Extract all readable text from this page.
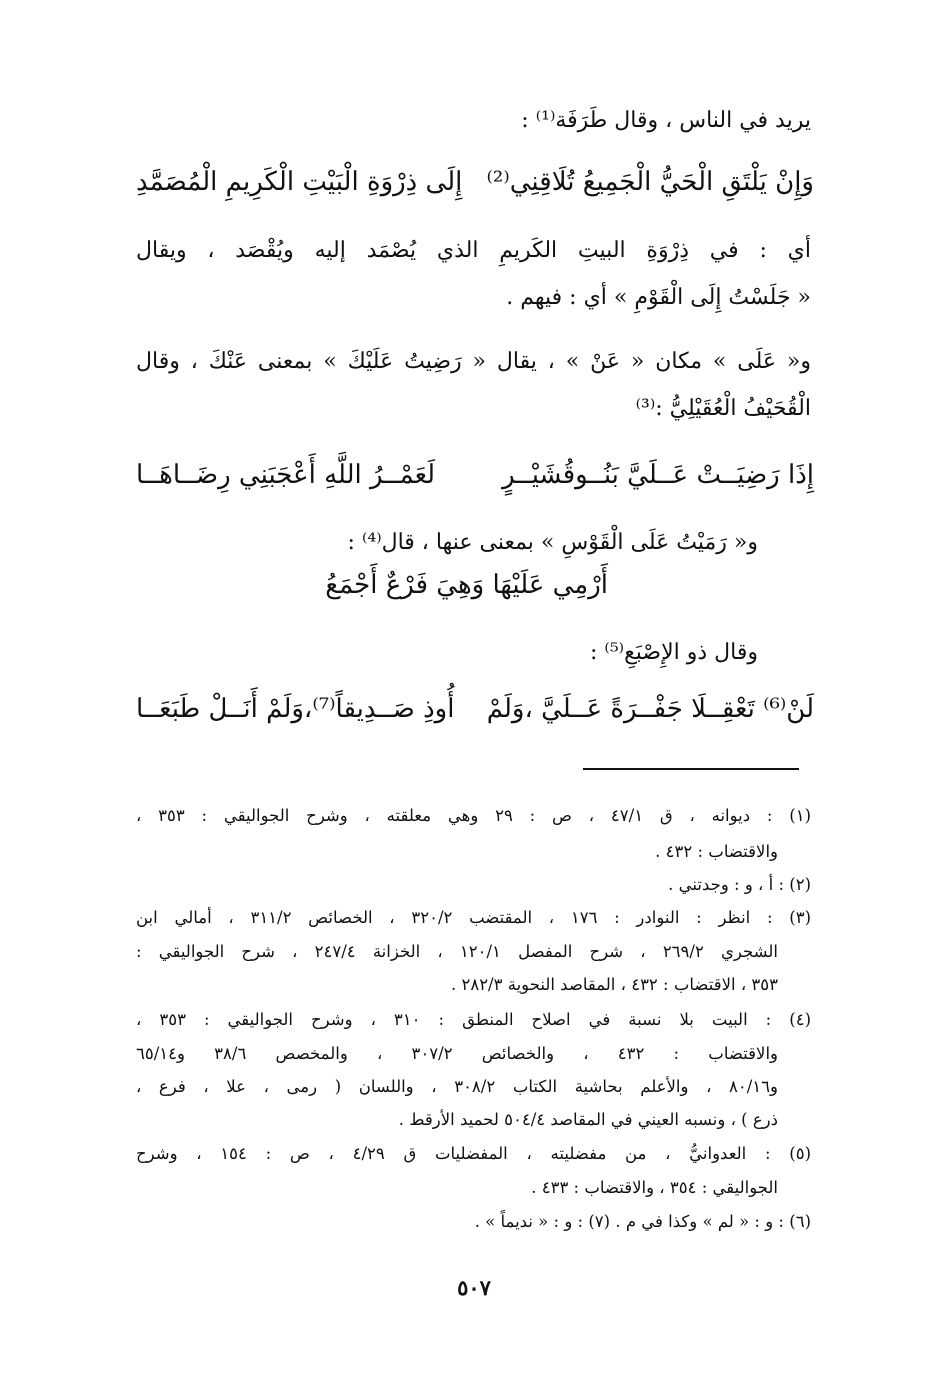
يريد في الناس ، وقال طَرَفَة⁽¹⁾ :
وَإِنْ يَلْتَقِ الْحَيُّ الْجَمِيعُ تُلَاقِنِي⁽²⁾
إِلَى ذِرْوَةِ الْبَيْتِ الْكَرِيمِ الْمُصَمَّدِ
أي : في ذِرْوَةِ البيتِ الكَريمِ الذي يُصْمَد إليه ويُقْصَد ، ويقال
« جَلَسْتُ إِلَى الْقَوْمِ » أي : فيهم .
و« عَلَى » مكان « عَنْ » ، يقال « رَضِيتُ عَلَيْكَ » بمعنى عَنْكَ ، وقال
الْقُحَيْفُ الْعُقَيْلِيُّ :⁽³⁾
إِذَا رَضِيَــتْ عَــلَيَّ بَنُــوقُشَيْــرٍ
لَعَمْــرُ اللَّهِ أَعْجَبَنِي رِضَــاهَــا
و« رَمَيْتُ عَلَى الْقَوْسِ » بمعنى عنها ، قال⁽⁴⁾ :
أَرْمِي عَلَيْهَا وَهِيَ فَرْعٌ أَجْمَعُ
وقال ذو الإِصْبَعِ⁽⁵⁾ :
لَنْ⁽⁶⁾ تَعْقِــلَا جَفْــرَةً عَــلَيَّ ،وَلَمْ
أُوذِ صَــدِيقاً⁽⁷⁾،وَلَمْ أَنَــلْ طَبَعَــا
(١) : ديوانه ، ق ٤٧/١ ، ص : ٢٩ وهي معلقته ، وشرح الجواليقي : ٣٥٣ ،
والاقتضاب : ٤٣٢ .
(٢) : أ ، و : وجدتني .
(٣) : انظر : النوادر : ١٧٦ ، المقتضب ٣٢٠/٢ ، الخصائص ٣١١/٢ ، أمالي ابن
الشجري ٢٦٩/٢ ، شرح المفصل ١٢٠/١ ، الخزانة ٢٤٧/٤ ، شرح الجواليقي :
٣٥٣ ، الاقتضاب : ٤٣٢ ، المقاصد النحوية ٢٨٢/٣ .
(٤) : البيت بلا نسبة في اصلاح المنطق : ٣١٠ ، وشرح الجواليقي : ٣٥٣ ،
والاقتضاب : ٤٣٢ ، والخصائص ٣٠٧/٢ ، والمخصص ٣٨/٦ و٦٥/١٤
و٨٠/١٦ ، والأعلم بحاشية الكتاب ٣٠٨/٢ ، واللسان ( رمى ، علا ، فرع ،
ذرع ) ، ونسبه العيني في المقاصد ٥٠٤/٤ لحميد الأرقط .
(٥) : العدوانيُّ ، من مفضليته ، المفضليات ق ٤/٢٩ ، ص : ١٥٤ ، وشرح
الجواليقي : ٣٥٤ ، والاقتضاب : ٤٣٣ .
(٦) : و : « لم » وكذا في م . (٧) : و : « نديماً » .
٥٠٧
